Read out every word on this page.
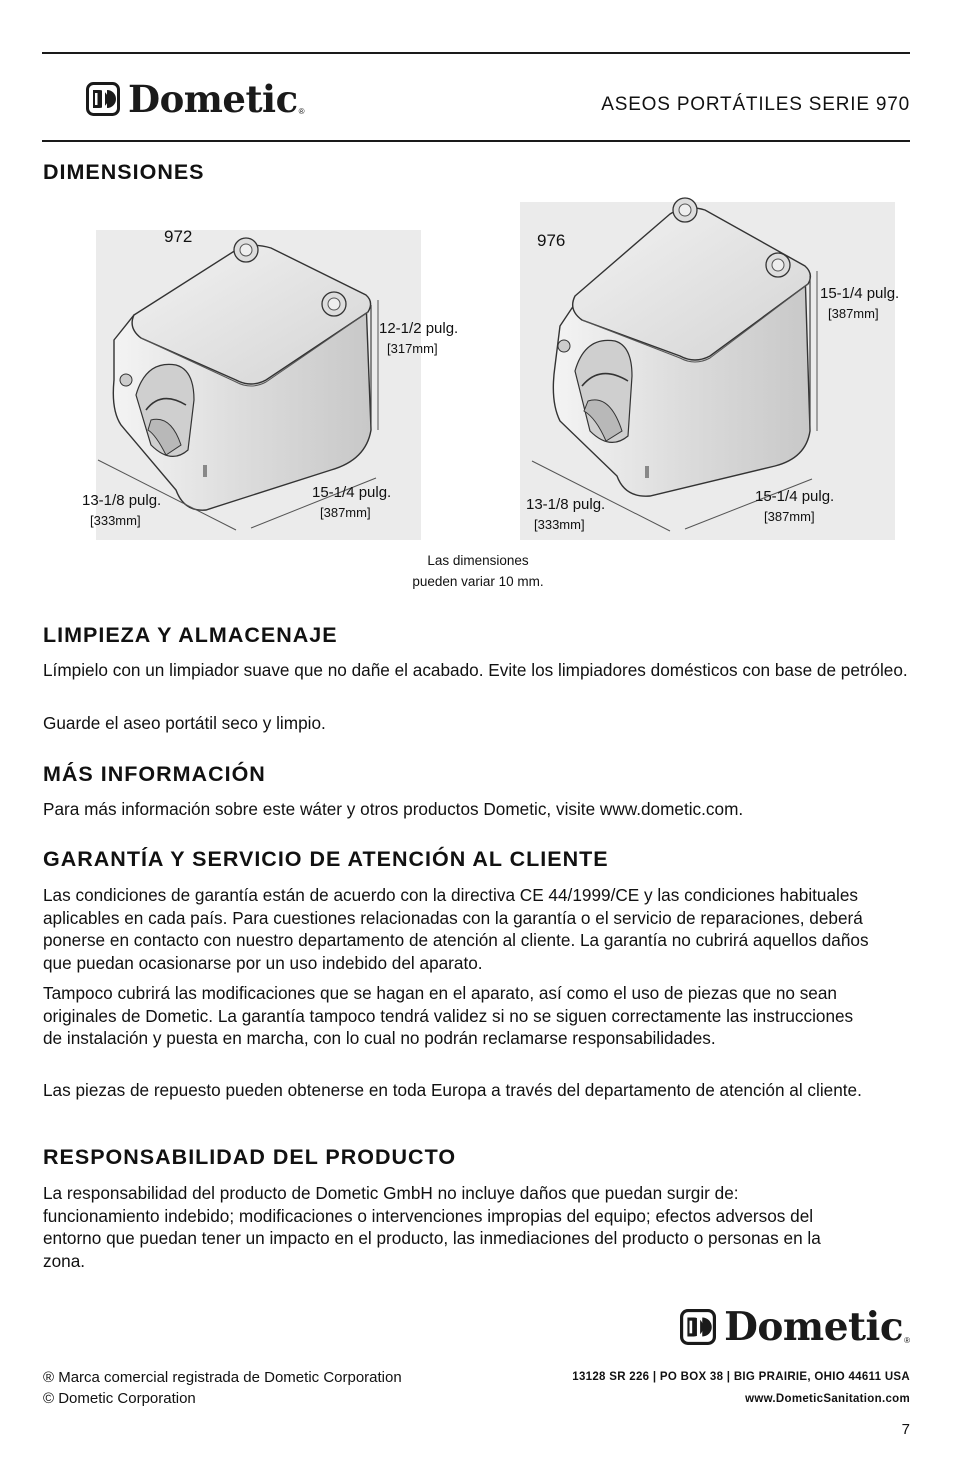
Dometic ®	ASEOS PORTÁTILES SERIE 970
DIMENSIONES
972
12-1/2 pulg.
[317mm]
13-1/8 pulg.
[333mm]
15-1/4 pulg.
[387mm]
976
15-1/4 pulg.
[387mm]
13-1/8 pulg.
[333mm]
15-1/4 pulg.
[387mm]
Las dimensiones
pueden variar 10 mm.
LIMPIEZA Y ALMACENAJE

Límpielo con un limpiador suave que no dañe el acabado. Evite los limpiadores domésticos con base de petróleo.

Guarde el aseo portátil seco y limpio.

MÁS INFORMACIÓN

Para más información sobre este wáter y otros productos Dometic, visite www.dometic.com.

GARANTÍA Y SERVICIO DE ATENCIÓN AL CLIENTE

Las condiciones de garantía están de acuerdo con la directiva CE 44/1999/CE y las condiciones habituales aplicables en cada país. Para cuestiones relacionadas con la garantía o el servicio de reparaciones, deberá ponerse en contacto con nuestro departamento de atención al cliente. La garantía no cubrirá aquellos daños que puedan ocasionarse por un uso indebido del aparato.

Tampoco cubrirá las modificaciones que se hagan en el aparato, así como el uso de piezas que no sean originales de Dometic. La garantía tampoco tendrá validez si no se siguen correctamente las instrucciones de instalación y puesta en marcha, con lo cual no podrán reclamarse responsabilidades.

Las piezas de repuesto pueden obtenerse en toda Europa a través del departamento de atención al cliente.

RESPONSABILIDAD DEL PRODUCTO

La responsabilidad del producto de Dometic GmbH no incluye daños que puedan surgir de: funcionamiento indebido; modificaciones o intervenciones impropias del equipo; efectos adversos del entorno que puedan tener un impacto en el producto, las inmediaciones del producto o personas en la zona.

Dometic ®
® Marca comercial registrada de Dometic Corporation
© Dometic Corporation
13128 SR 226 | PO BOX 38 | BIG PRAIRIE, OHIO 44611 USA
www.DometicSanitation.com
7
